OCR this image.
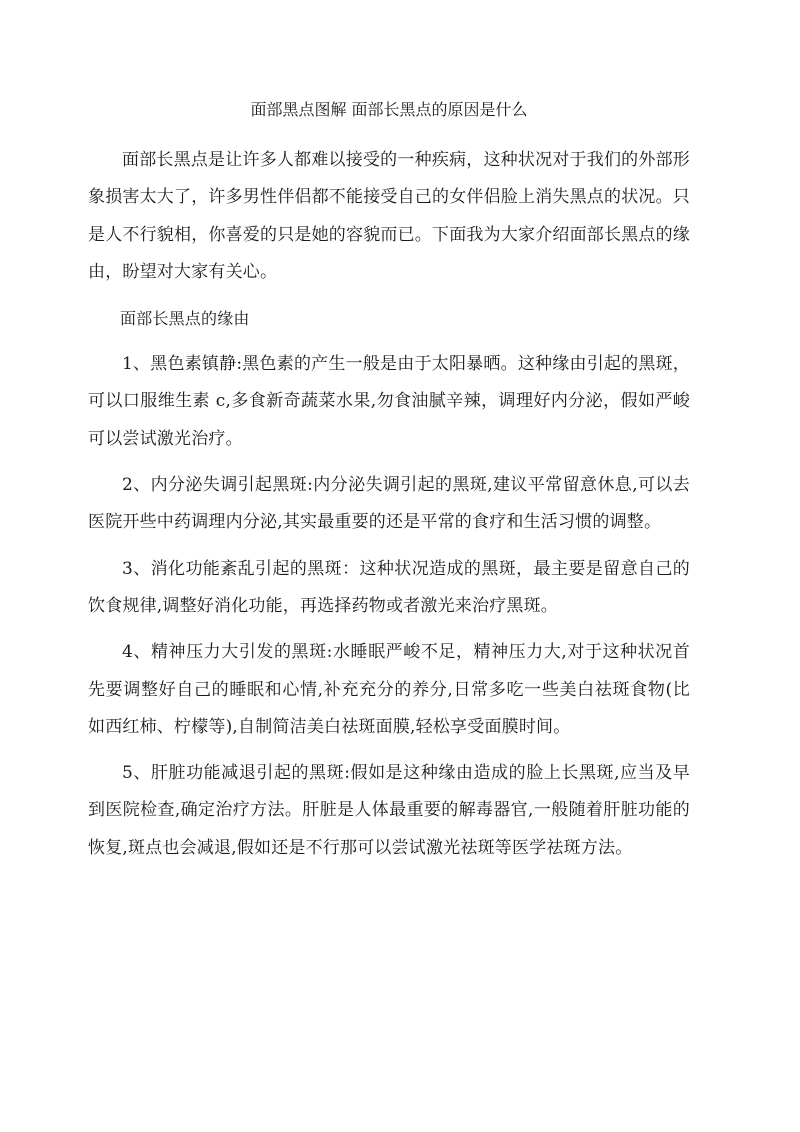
面部黑点图解 面部长黑点的原因是什么

面部长黑点是让许多人都难以接受的一种疾病，这种状况对于我们的外部形象损害太大了，许多男性伴侣都不能接受自己的女伴侣脸上消失黑点的状况。只是人不行貌相，你喜爱的只是她的容貌而已。下面我为大家介绍面部长黑点的缘由，盼望对大家有关心。

面部长黑点的缘由

1、黑色素镇静:黑色素的产生一般是由于太阳暴晒。这种缘由引起的黑斑，可以口服维生素 c,多食新奇蔬菜水果,勿食油腻辛辣，调理好内分泌，假如严峻可以尝试激光治疗。

2、内分泌失调引起黑斑:内分泌失调引起的黑斑,建议平常留意休息,可以去医院开些中药调理内分泌,其实最重要的还是平常的食疗和生活习惯的调整。

3、消化功能紊乱引起的黑斑：这种状况造成的黑斑，最主要是留意自己的饮食规律,调整好消化功能，再选择药物或者激光来治疗黑斑。

4、精神压力大引发的黑斑:水睡眠严峻不足，精神压力大,对于这种状况首先要调整好自己的睡眠和心情,补充充分的养分,日常多吃一些美白祛斑食物(比如西红柿、柠檬等),自制简洁美白祛斑面膜,轻松享受面膜时间。

5、肝脏功能减退引起的黑斑:假如是这种缘由造成的脸上长黑斑,应当及早到医院检查,确定治疗方法。肝脏是人体最重要的解毒器官,一般随着肝脏功能的恢复,斑点也会减退,假如还是不行那可以尝试激光祛斑等医学祛斑方法。
